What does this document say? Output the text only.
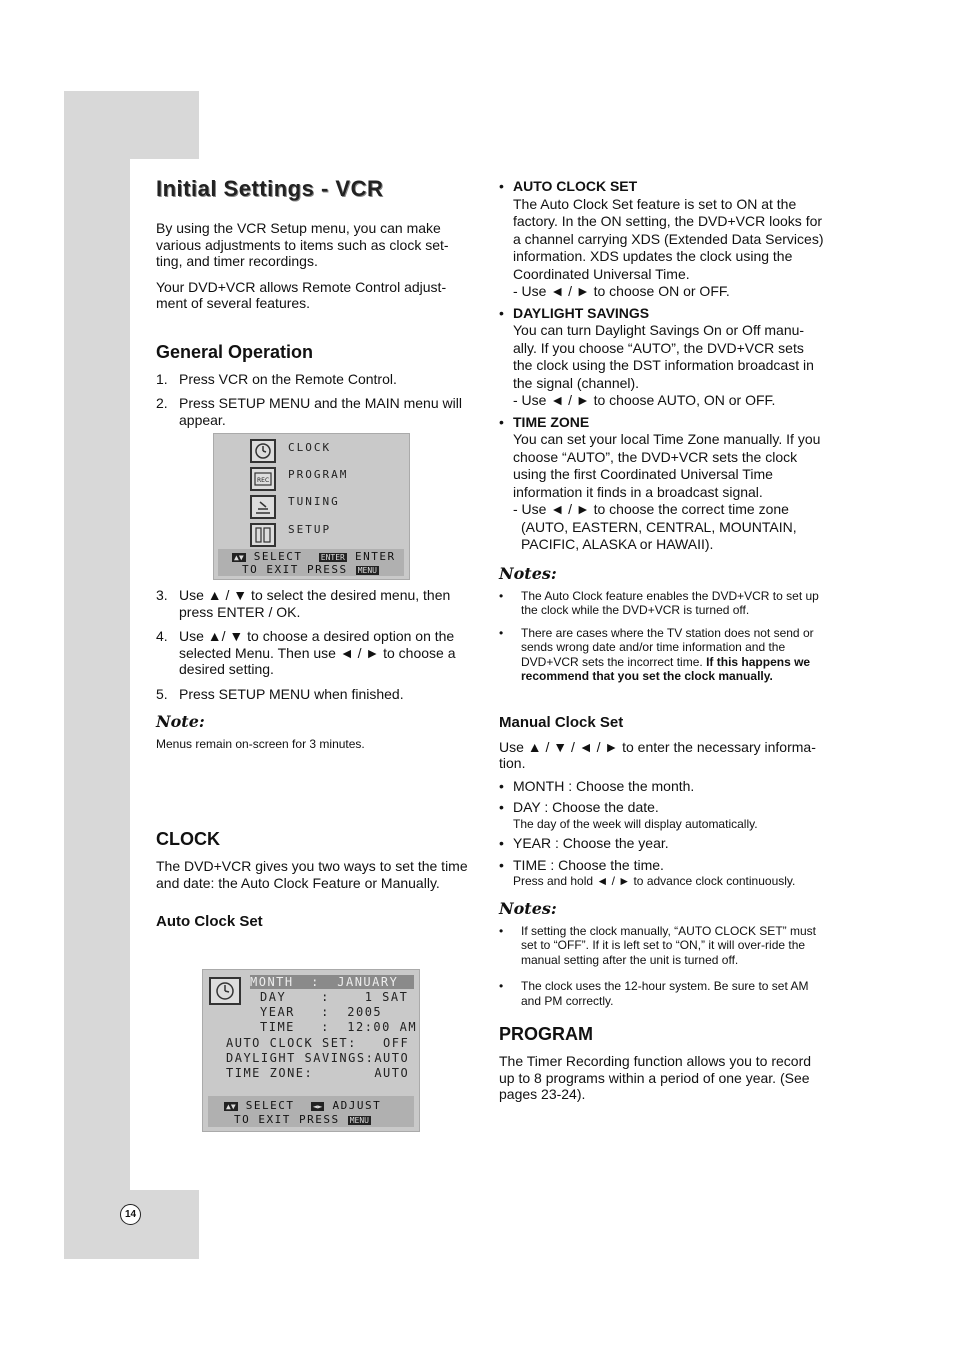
14
Initial Settings - VCR

By using the VCR Setup menu, you can make various adjustments to items such as clock set-ting, and timer recordings.

Your DVD+VCR allows Remote Control adjust-ment of several features.

General Operation
1. Press VCR on the Remote Control.
2. Press SETUP MENU and the MAIN menu will appear.
3. Use ▲ / ▼ to select the desired menu, then press ENTER / OK.
4. Use ▲/ ▼ to choose a desired option on the selected Menu. Then use ◄ / ► to choose a desired setting.
5. Press SETUP MENU when finished.
Note:

Menus remain on-screen for 3 minutes.

CLOCK

The DVD+VCR gives you two ways to set the time and date: the Auto Clock Feature or Manually.

Auto Clock Set
REC
CLOCK
PROGRAM
TUNING
SETUP

▲▼ SELECT ENTER ENTER

TO EXIT PRESS MENU

MONTH  :  JANUARY
DAY    :    1 SAT
YEAR   :  2005
TIME   :  12:00 AM
AUTO CLOCK SET:   OFF
DAYLIGHT SAVINGS:AUTO
TIME ZONE:       AUTO

▲▼ SELECT ◄► ADJUST

TO EXIT PRESS MENU

• AUTO CLOCK SET
The Auto Clock Set feature is set to ON at the factory. In the ON setting, the DVD+VCR looks for a channel carrying XDS (Extended Data Services) information. XDS updates the clock using the Coordinated Universal Time.
- Use ◄ / ► to choose ON or OFF.
• DAYLIGHT SAVINGS
You can turn Daylight Savings On or Off manu-ally. If you choose “AUTO”, the DVD+VCR sets the clock using the DST information broadcast in the signal (channel).
- Use ◄ / ► to choose AUTO, ON or OFF.
• TIME ZONE
You can set your local Time Zone manually. If you choose “AUTO”, the DVD+VCR sets the clock using the first Coordinated Universal Time information it finds in a broadcast signal.
- Use ◄ / ► to choose the correct time zone (AUTO, EASTERN, CENTRAL, MOUNTAIN, PACIFIC, ALASKA or HAWAII).
Notes:
• The Auto Clock feature enables the DVD+VCR to set up the clock while the DVD+VCR is turned off.
• There are cases where the TV station does not send or sends wrong date and/or time information and the DVD+VCR sets the incorrect time. If this happens we recommend that you set the clock manually.
Manual Clock Set

Use ▲ / ▼ / ◄ / ► to enter the necessary informa-tion.

• MONTH : Choose the month.
• DAY : Choose the date.
The day of the week will display automatically.
• YEAR : Choose the year.
• TIME : Choose the time.
Press and hold ◄ / ► to advance clock continuously.
Notes:
• If setting the clock manually, “AUTO CLOCK SET” must set to “OFF”. If it is left set to “ON,” it will over-ride the manual setting after the unit is turned off.
• The clock uses the 12-hour system. Be sure to set AM and PM correctly.
PROGRAM

The Timer Recording function allows you to record up to 8 programs within a period of one year. (See pages 23-24).
